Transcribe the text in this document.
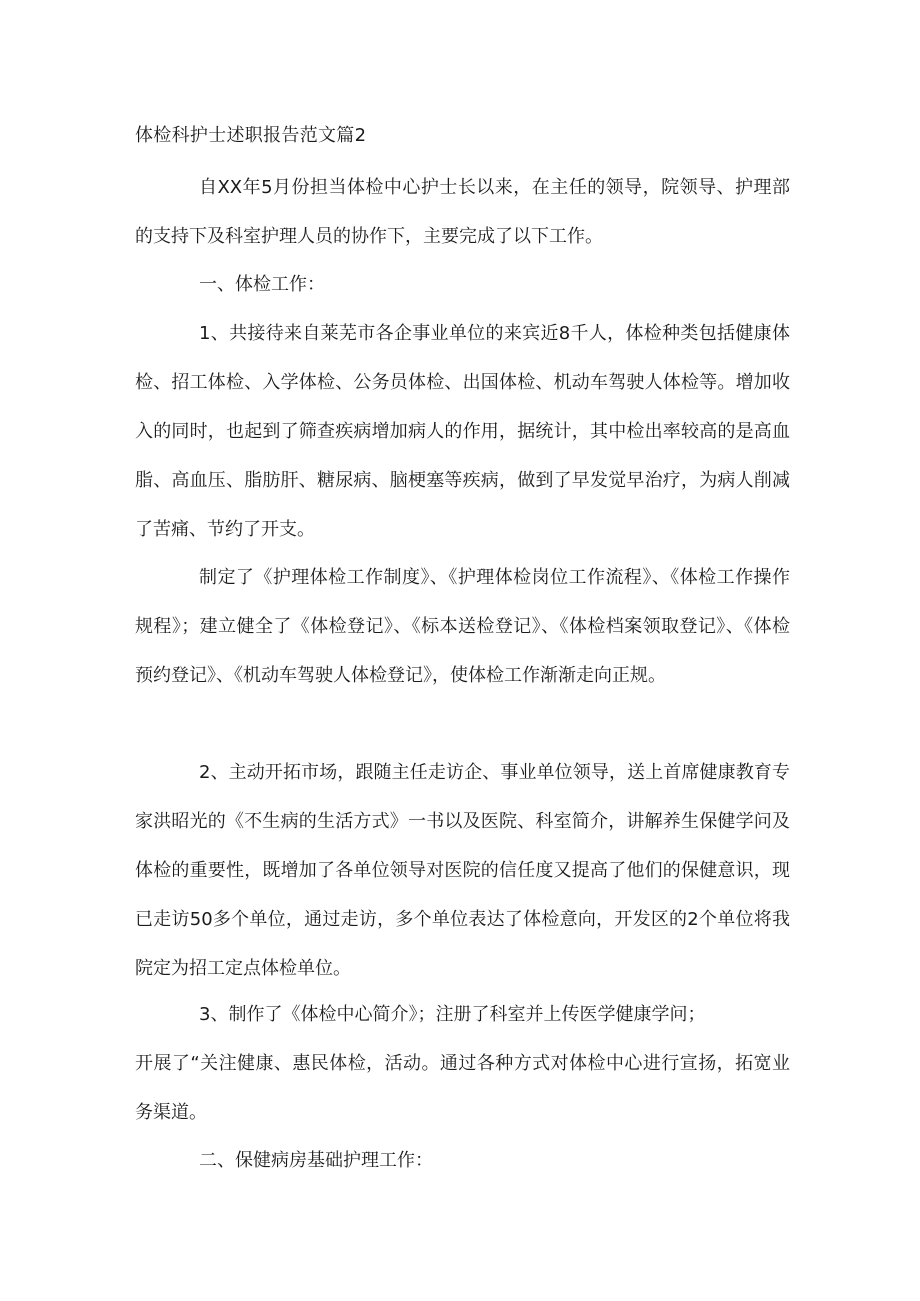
体检科护士述职报告范文篇2

自XX年5月份担当体检中心护士长以来，在主任的领导，院领导、护理部的支持下及科室护理人员的协作下，主要完成了以下工作。

一、体检工作：

1、共接待来自莱芜市各企事业单位的来宾近8千人，体检种类包括健康体检、招工体检、入学体检、公务员体检、出国体检、机动车驾驶人体检等。增加收入的同时，也起到了筛查疾病增加病人的作用，据统计，其中检出率较高的是高血脂、高血压、脂肪肝、糖尿病、脑梗塞等疾病，做到了早发觉早治疗，为病人削减了苦痛、节约了开支。

制定了《护理体检工作制度》、《护理体检岗位工作流程》、《体检工作操作规程》；建立健全了《体检登记》、《标本送检登记》、《体检档案领取登记》、《体检预约登记》、《机动车驾驶人体检登记》，使体检工作渐渐走向正规。

2、主动开拓市场，跟随主任走访企、事业单位领导，送上首席健康教育专家洪昭光的《不生病的生活方式》一书以及医院、科室简介，讲解养生保健学问及体检的重要性，既增加了各单位领导对医院的信任度又提高了他们的保健意识，现已走访50多个单位，通过走访，多个单位表达了体检意向，开发区的2个单位将我院定为招工定点体检单位。

3、制作了《体检中心简介》；注册了科室并上传医学健康学问；

开展了“关注健康、惠民体检，活动。通过各种方式对体检中心进行宣扬，拓宽业务渠道。

二、保健病房基础护理工作：
